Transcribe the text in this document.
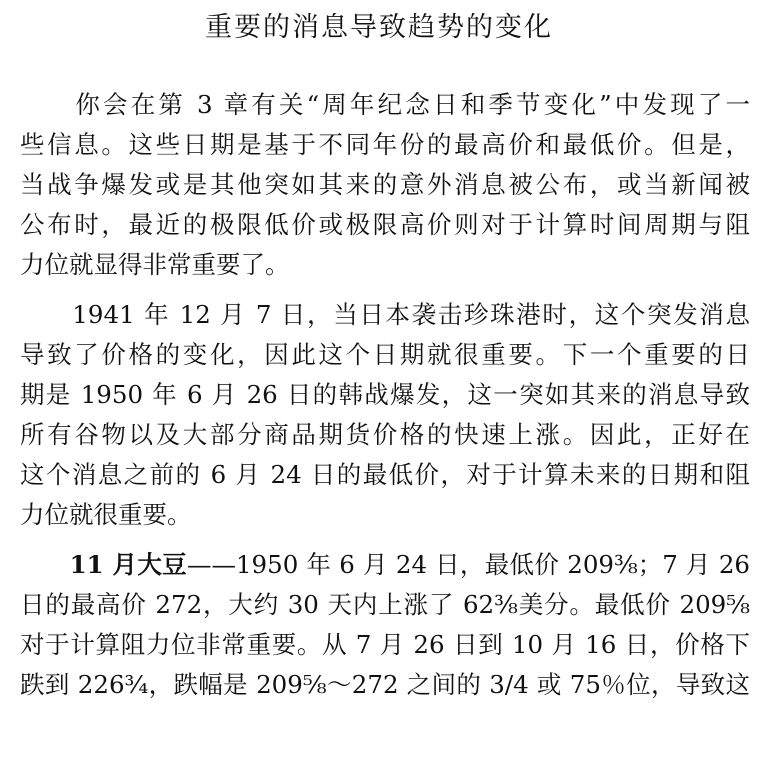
重要的消息导致趋势的变化
　　你会在第 3 章有关“周年纪念日和季节变化”中发现了一
些信息。这些日期是基于不同年份的最高价和最低价。但是，
当战争爆发或是其他突如其来的意外消息被公布，或当新闻被
公布时，最近的极限低价或极限高价则对于计算时间周期与阻
力位就显得非常重要了。
　　1941 年 12 月 7 日，当日本袭击珍珠港时，这个突发消息
导致了价格的变化，因此这个日期就很重要。下一个重要的日
期是 1950 年 6 月 26 日的韩战爆发，这一突如其来的消息导致
所有谷物以及大部分商品期货价格的快速上涨。因此，正好在
这个消息之前的 6 月 24 日的最低价，对于计算未来的日期和阻
力位就很重要。
　　11 月大豆——1950 年 6 月 24 日，最低价 209⅜；7 月 26
日的最高价 272，大约 30 天内上涨了 62⅜美分。最低价 209⅝
对于计算阻力位非常重要。从 7 月 26 日到 10 月 16 日，价格下
跌到 226¾，跌幅是 209⅝～272 之间的 3/4 或 75％位，导致这
